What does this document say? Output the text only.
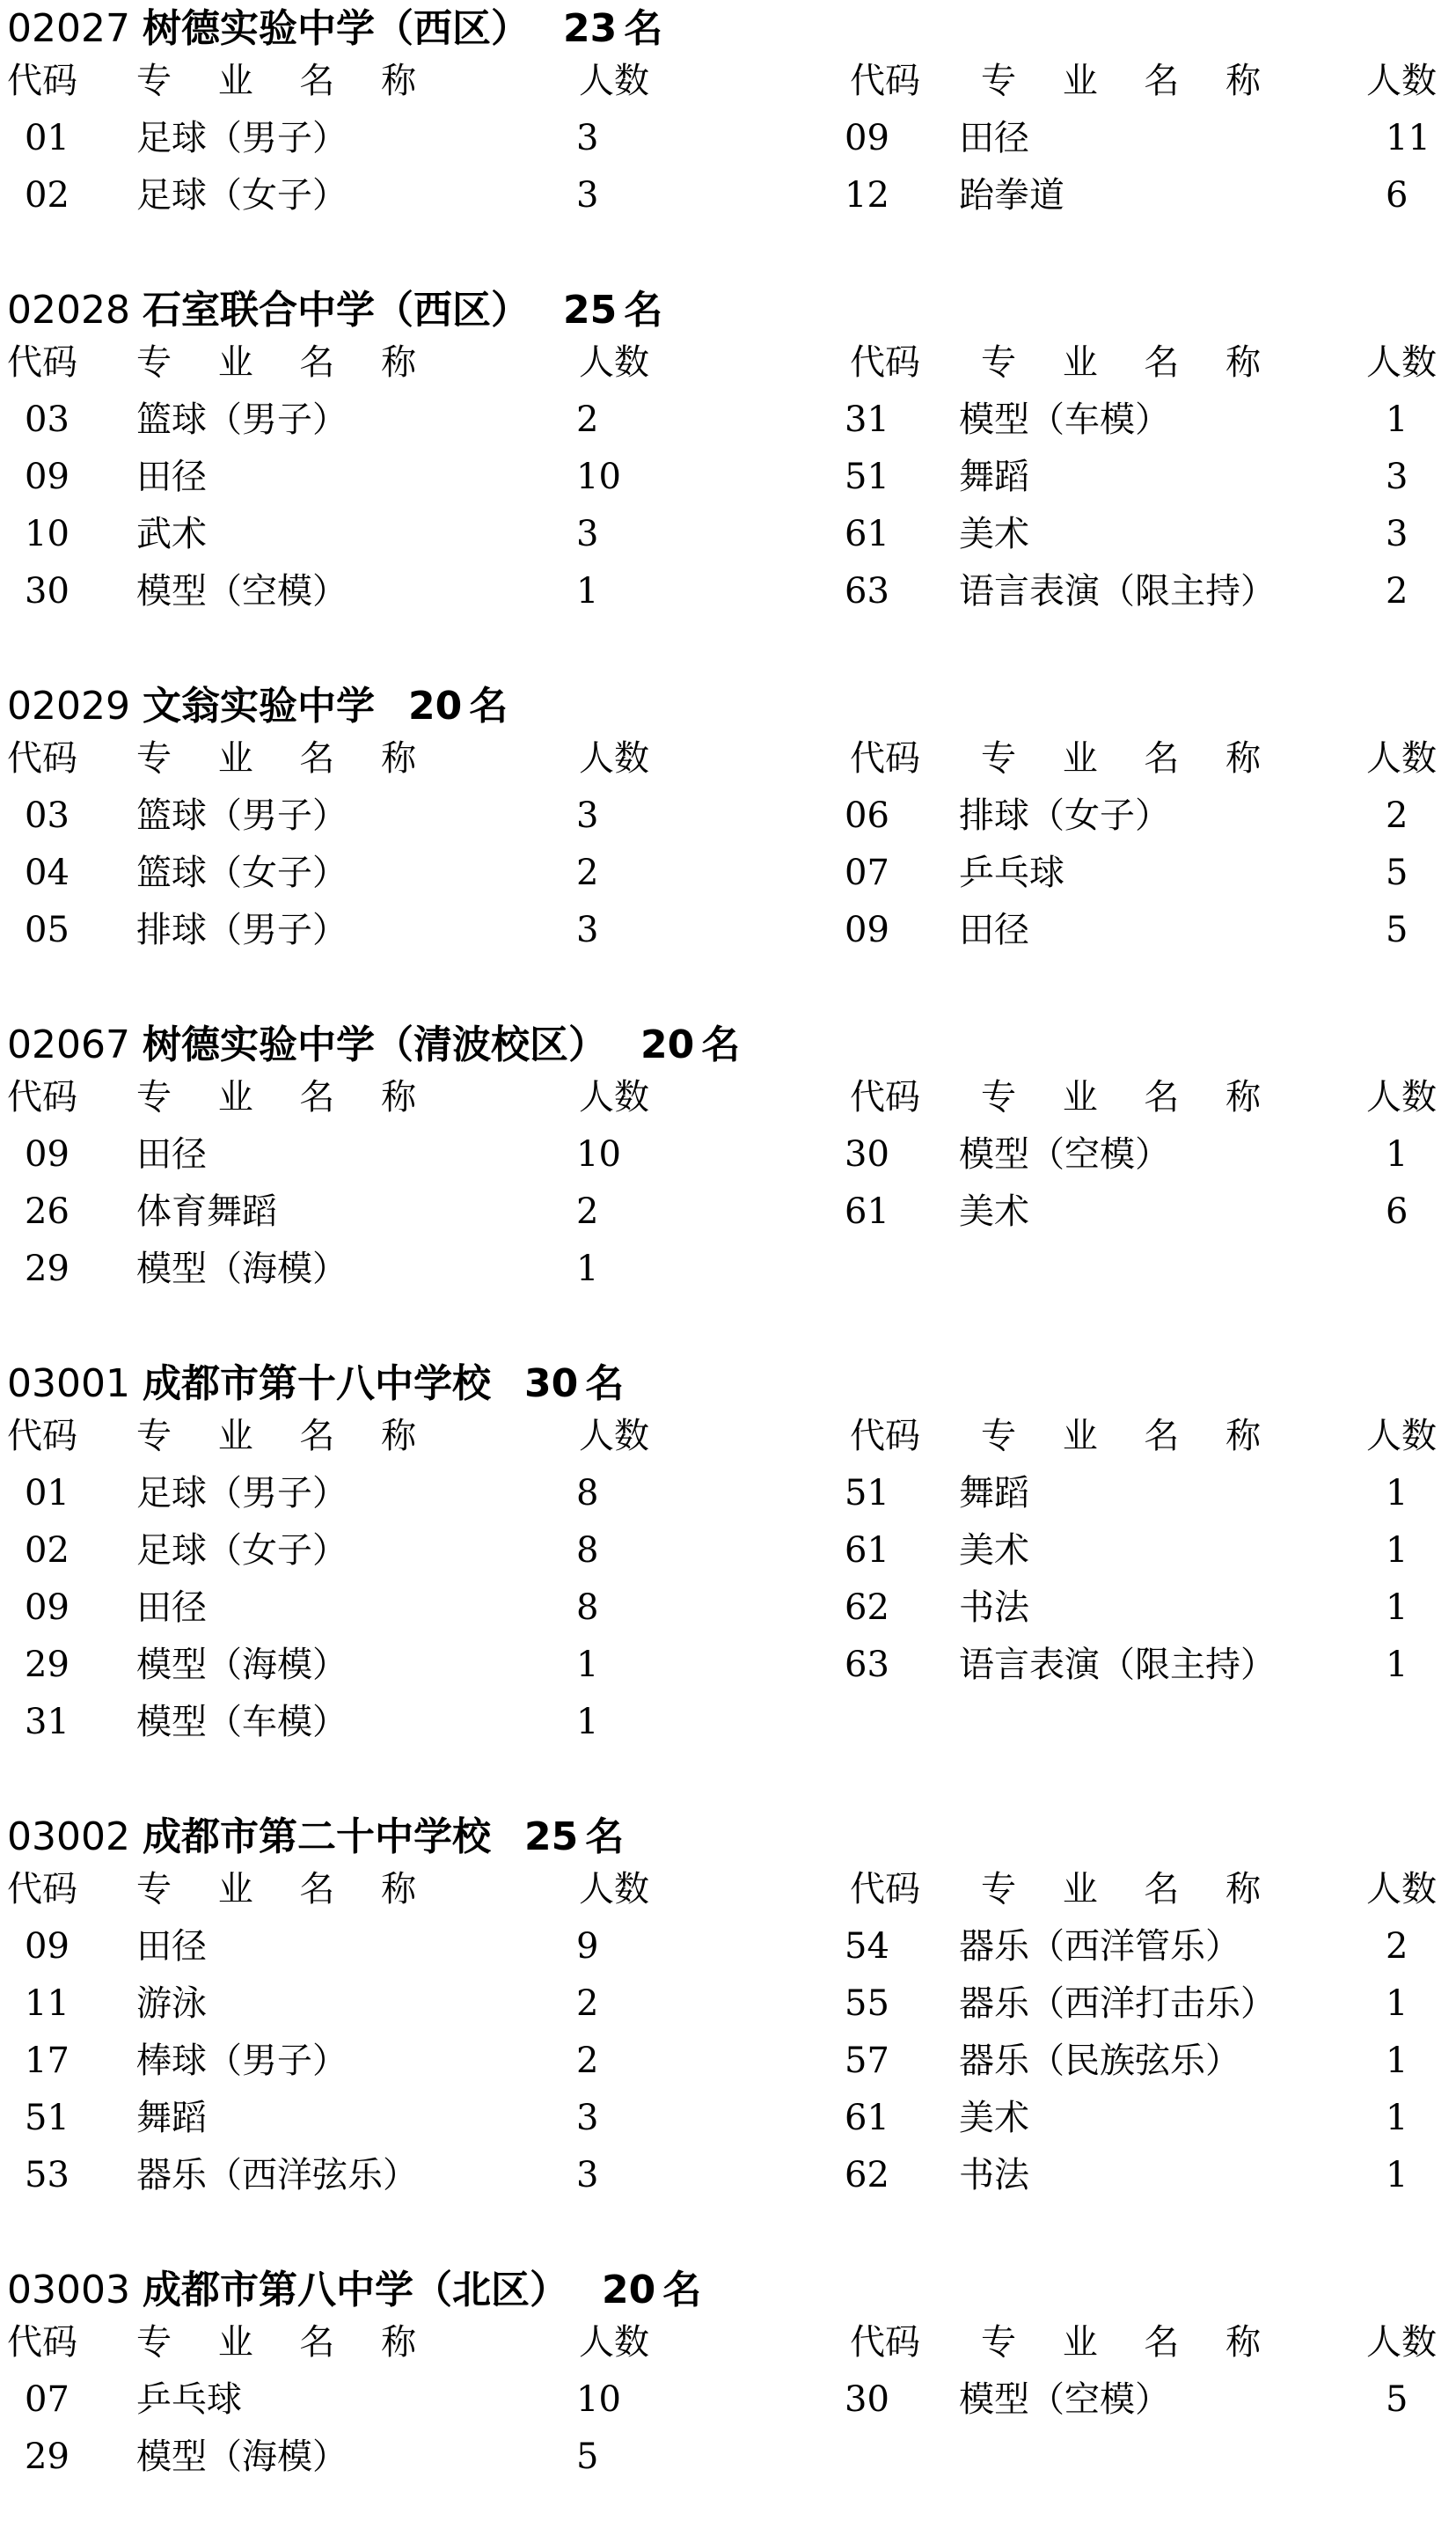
02027 树德实验中学（西区） 23 名
代码 专 业 名 称	人数	代码 专 业 名 称 人数
01 足球（男子）	3	09 田径	11
02 足球（女子）	3	12 跆拳道	6
02028 石室联合中学（西区） 25 名
代码 专 业 名 称	人数	代码 专 业 名 称 人数
03 篮球（男子）	2	31 模型（车模）	1
09 田径	10	51 舞蹈	3
10 武术	3	61 美术	3
30 模型（空模）	1	63 语言表演（限主持）	2
02029 文翁实验中学 20 名
代码 专 业 名 称	人数	代码 专 业 名 称 人数
03 篮球（男子）	3	06 排球（女子）	2
04 篮球（女子）	2	07 乒乓球	5
05 排球（男子）	3	09 田径	5
02067 树德实验中学（清波校区） 20 名
代码 专 业 名 称	人数	代码 专 业 名 称 人数
09 田径	10	30 模型（空模）	1
26 体育舞蹈	2	61 美术	6
29 模型（海模）	1
03001 成都市第十八中学校 30 名
代码 专 业 名 称	人数	代码 专 业 名 称 人数
01 足球（男子）	8	51 舞蹈	1
02 足球（女子）	8	61 美术	1
09 田径	8	62 书法	1
29 模型（海模）	1	63 语言表演（限主持）	1
31 模型（车模）	1
03002 成都市第二十中学校 25 名
代码 专 业 名 称	人数	代码 专 业 名 称 人数
09 田径	9	54 器乐（西洋管乐）	2
11 游泳	2	55 器乐（西洋打击乐）	1
17 棒球（男子）	2	57 器乐（民族弦乐）	1
51 舞蹈	3	61 美术	1
53 器乐（西洋弦乐）	3	62 书法	1
03003 成都市第八中学（北区） 20 名
代码 专 业 名 称	人数	代码 专 业 名 称 人数
07 乒乓球	10	30 模型（空模）	5
29 模型（海模）	5
